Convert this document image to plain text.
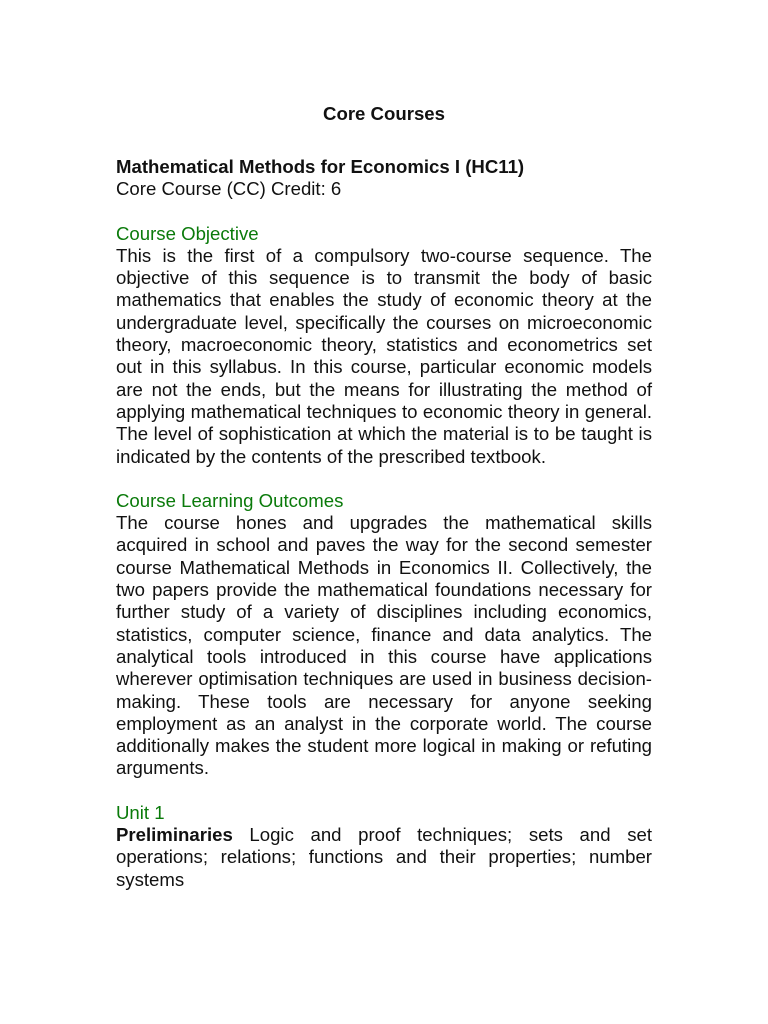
Core Courses
Mathematical Methods for Economics I (HC11)
Core Course (CC) Credit: 6
Course Objective

This is the first of a compulsory two-course sequence. The objective of this sequence is to transmit the body of basic mathematics that enables the study of economic theory at the undergraduate level, specifically the courses on microeconomic theory, macroeconomic theory, statistics and econometrics set out in this syllabus. In this course, particular economic models are not the ends, but the means for illustrating the method of applying mathematical techniques to economic theory in general. The level of sophistication at which the material is to be taught is indicated by the contents of the prescribed textbook.

Course Learning Outcomes

The course hones and upgrades the mathematical skills acquired in school and paves the way for the second semester course Mathematical Methods in Economics II. Collectively, the two papers provide the mathematical foundations necessary for further study of a variety of disciplines including economics, statistics, computer science, finance and data analytics. The analytical tools introduced in this course have applications wherever optimisation techniques are used in business decision-making. These tools are necessary for anyone seeking employment as an analyst in the corporate world. The course additionally makes the student more logical in making or refuting arguments.

Unit 1

Preliminaries Logic and proof techniques; sets and set operations; relations; functions and their properties; number systems
